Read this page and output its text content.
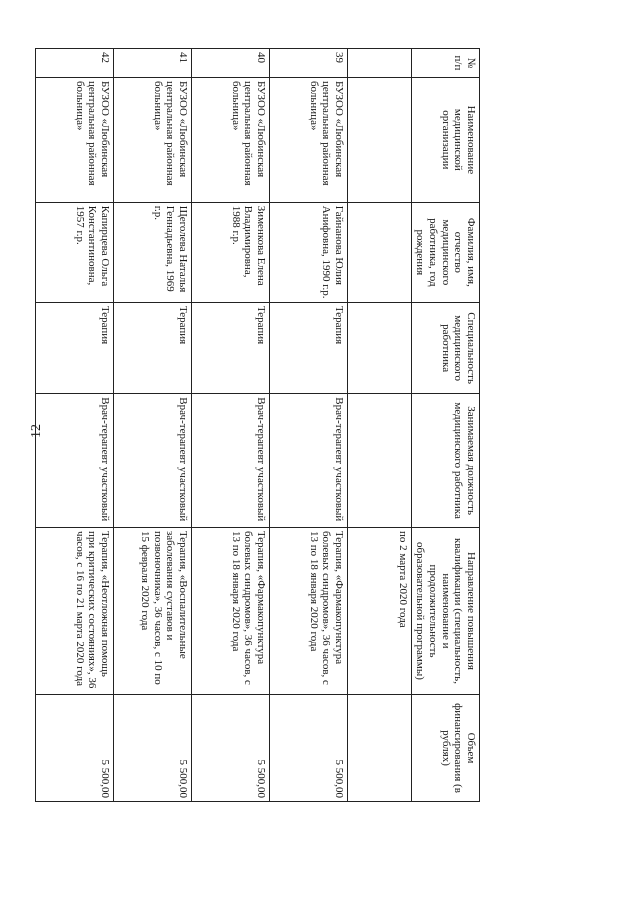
12
№ п/п	Наименование медицинской организации	Фамилия, имя, отчество медицинского работника, год рождения	Специальность медицинского работника	Занимаемая должность медицинского работника	Направление повышения квалификации (специальность, наименование и продолжительность образовательной программы)	Объем финансирования (в рублях)
					по 2 марта 2020 года	
39	БУЗОО «Любинская центральная районная больница»	Гайнанова Юлия Анифовна, 1990 г.р.	Терапия	Врач-терапевт участковый	Терапия, «Фармакопунктура болевых синдромов», 36 часов, с 13 по 18 января 2020 года	5 500,00
40	БУЗОО «Любинская центральная районная больница»	Зименкова Елена Владимировна, 1988 г.р.	Терапия	Врач-терапевт участковый	Терапия, «Фармакопунктура болевых синдромов», 36 часов, с 13 по 18 января 2020 года	5 500,00
41	БУЗОО «Любинская центральная районная больница»	Щеголева Наталья Геннадьевна, 1969 г.р.	Терапия	Врач-терапевт участковый	Терапия, «Воспалительные заболевания суставов и позвоночника», 36 часов, с 10 по 15 февраля 2020 года	5 500,00
42	БУЗОО «Любинская центральная районная больница»	Капирцева Ольга Константиновна, 1957 г.р.	Терапия	Врач-терапевт участковый	Терапия, «Неотложная помощь при критических состояниях», 36 часов, с 16 по 21 марта 2020 года	5 500,00
